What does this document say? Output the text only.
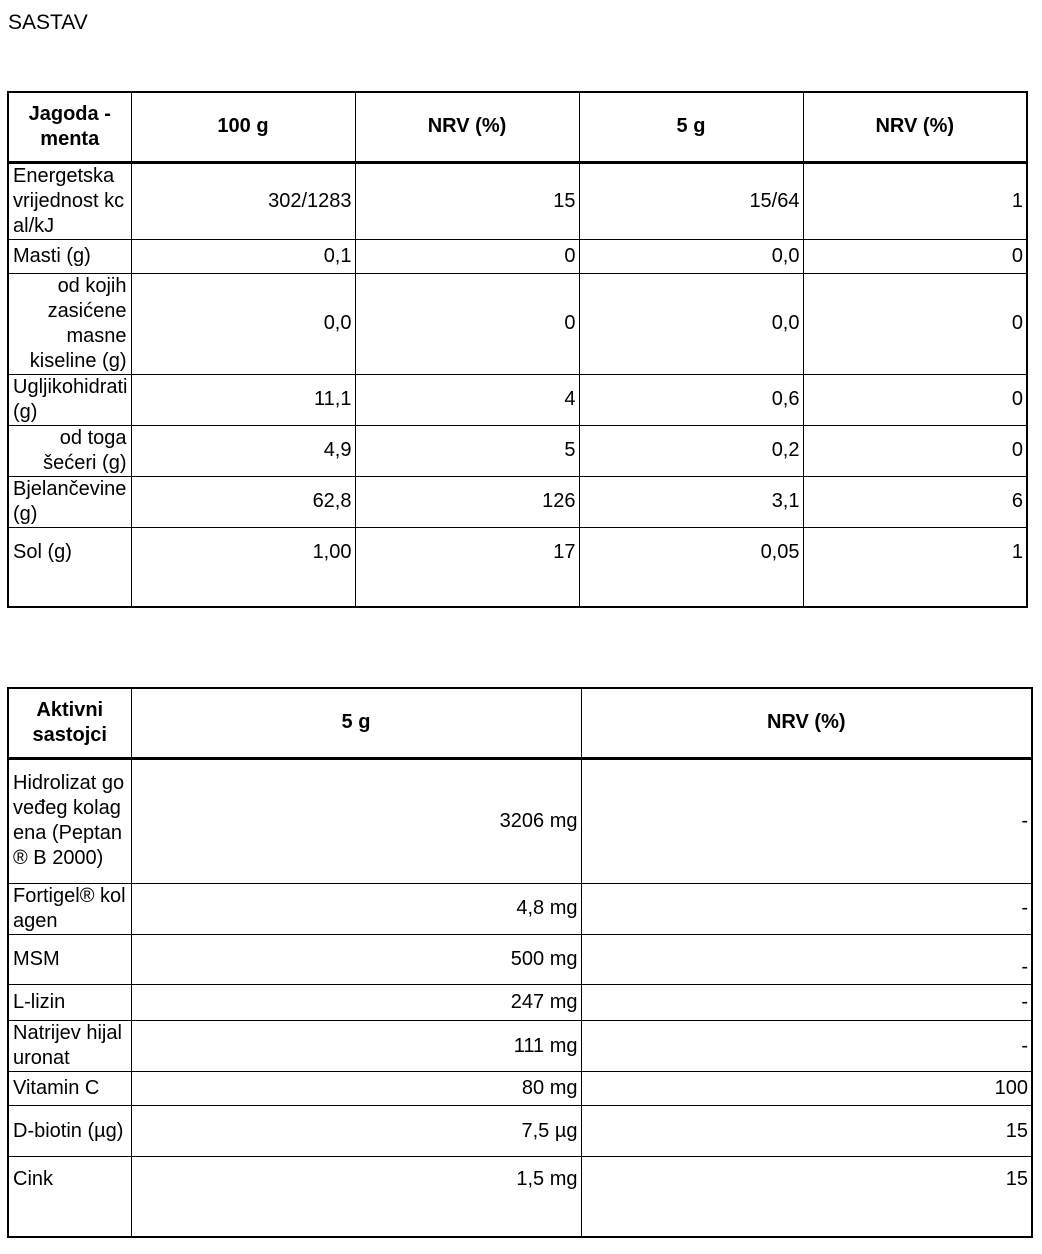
SASTAV
Jagoda - menta	100 g	NRV (%)	5 g	NRV (%)
Energetska vrijednost kcal/kJ	302/1283	15	15/64	1
Masti (g)	0,1	0	0,0	0
od kojih zasićene masne kiseline (g)	0,0	0	0,0	0
Ugljikohidrati (g)	11,1	4	0,6	0
od toga šećeri (g)	4,9	5	0,2	0
Bjelančevine (g)	62,8	126	3,1	6
Sol (g)	1,00	17	0,05	1
Aktivni sastojci	5 g	NRV (%)
Hidrolizat goveđeg kolagena (Peptan® B 2000)	3206 mg	-
Fortigel® kolagen	4,8 mg	-
MSM	500 mg	-
L-lizin	247 mg	-
Natrijev hijaluronat	111 mg	-
Vitamin C	80 mg	100
D-biotin (µg)	7,5 µg	15
Cink	1,5 mg	15
